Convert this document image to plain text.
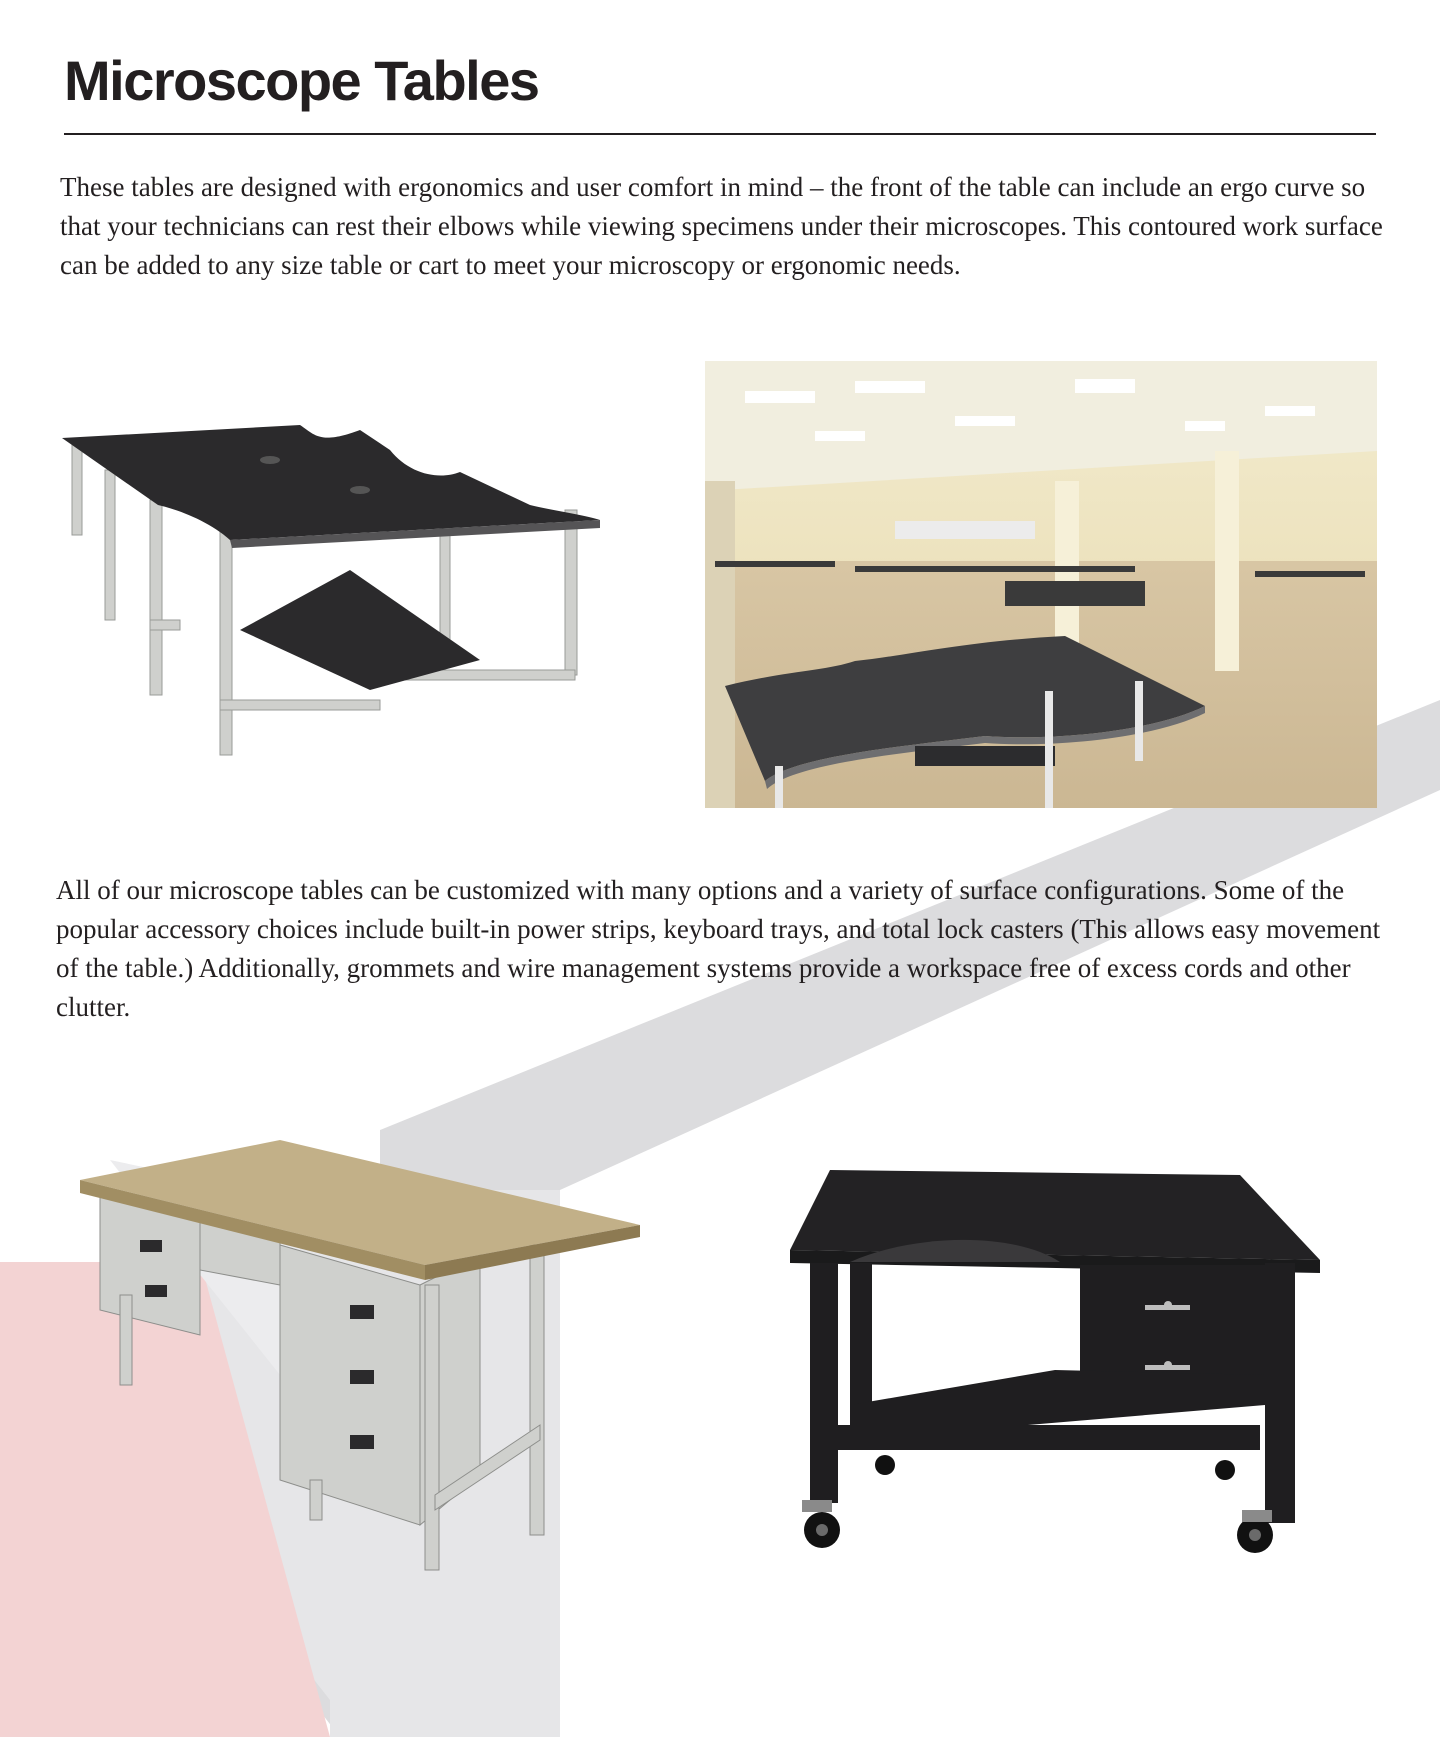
Microscope Tables

These tables are designed with ergonomics and user comfort in mind – the front of the table can include an ergo curve so that your technicians can rest their elbows while viewing specimens under their microscopes. This contoured work surface can be added to any size table or cart to meet your microscopy or ergonomic needs.

All of our microscope tables can be customized with many options and a variety of surface configurations. Some of the popular accessory choices include built-in power strips, keyboard trays, and total lock casters (This allows easy movement of the table.) Additionally, grommets and wire management systems provide a workspace free of excess cords and other clutter.
